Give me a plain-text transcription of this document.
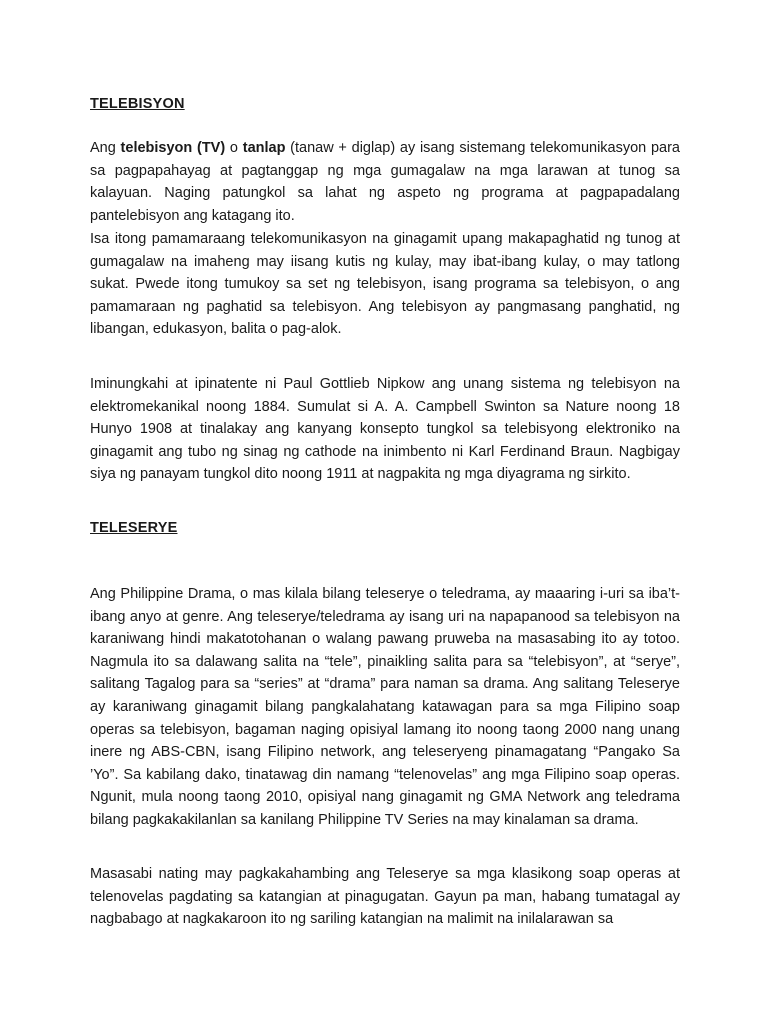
TELEBISYON

Ang telebisyon (TV) o tanlap (tanaw + diglap) ay isang sistemang telekomunikasyon para sa pagpapahayag at pagtanggap ng mga gumagalaw na mga larawan at tunog sa kalayuan. Naging patungkol sa lahat ng aspeto ng programa at pagpapadalang pantelebisyon ang katagang ito.

Isa itong pamamaraang telekomunikasyon na ginagamit upang makapaghatid ng tunog at gumagalaw na imaheng may iisang kutis ng kulay, may ibat-ibang kulay, o may tatlong sukat. Pwede itong tumukoy sa set ng telebisyon, isang programa sa telebisyon, o ang pamamaraan ng paghatid sa telebisyon. Ang telebisyon ay pangmasang panghatid, ng libangan, edukasyon, balita o pag-alok.

Iminungkahi at ipinatente ni Paul Gottlieb Nipkow ang unang sistema ng telebisyon na elektromekanikal noong 1884. Sumulat si A. A. Campbell Swinton sa Nature noong 18 Hunyo 1908 at tinalakay ang kanyang konsepto tungkol sa telebisyong elektroniko na ginagamit ang tubo ng sinag ng cathode na inimbento ni Karl Ferdinand Braun. Nagbigay siya ng panayam tungkol dito noong 1911 at nagpakita ng mga diyagrama ng sirkito.

TELESERYE

Ang Philippine Drama, o mas kilala bilang teleserye o teledrama, ay maaaring i-uri sa iba’t-ibang anyo at genre. Ang teleserye/teledrama ay isang uri na napapanood sa telebisyon na karaniwang hindi makatotohanan o walang pawang pruweba na masasabing ito ay totoo. Nagmula ito sa dalawang salita na “tele”, pinaikling salita para sa “telebisyon”, at “serye”, salitang Tagalog para sa “series” at “drama” para naman sa drama. Ang salitang Teleserye ay karaniwang ginagamit bilang pangkalahatang katawagan para sa mga Filipino soap operas sa telebisyon, bagaman naging opisiyal lamang ito noong taong 2000 nang unang inere ng ABS-CBN, isang Filipino network, ang teleseryeng pinamagatang “Pangako Sa ’Yo”. Sa kabilang dako, tinatawag din namang “telenovelas” ang mga Filipino soap operas. Ngunit, mula noong taong 2010, opisiyal nang ginagamit ng GMA Network ang teledrama bilang pagkakakilanlan sa kanilang Philippine TV Series na may kinalaman sa drama.

Masasabi nating may pagkakahambing ang Teleserye sa mga klasikong soap operas at telenovelas pagdating sa katangian at pinagugatan. Gayun pa man, habang tumatagal ay nagbabago at nagkakaroon ito ng sariling katangian na malimit na inilalarawan sa
